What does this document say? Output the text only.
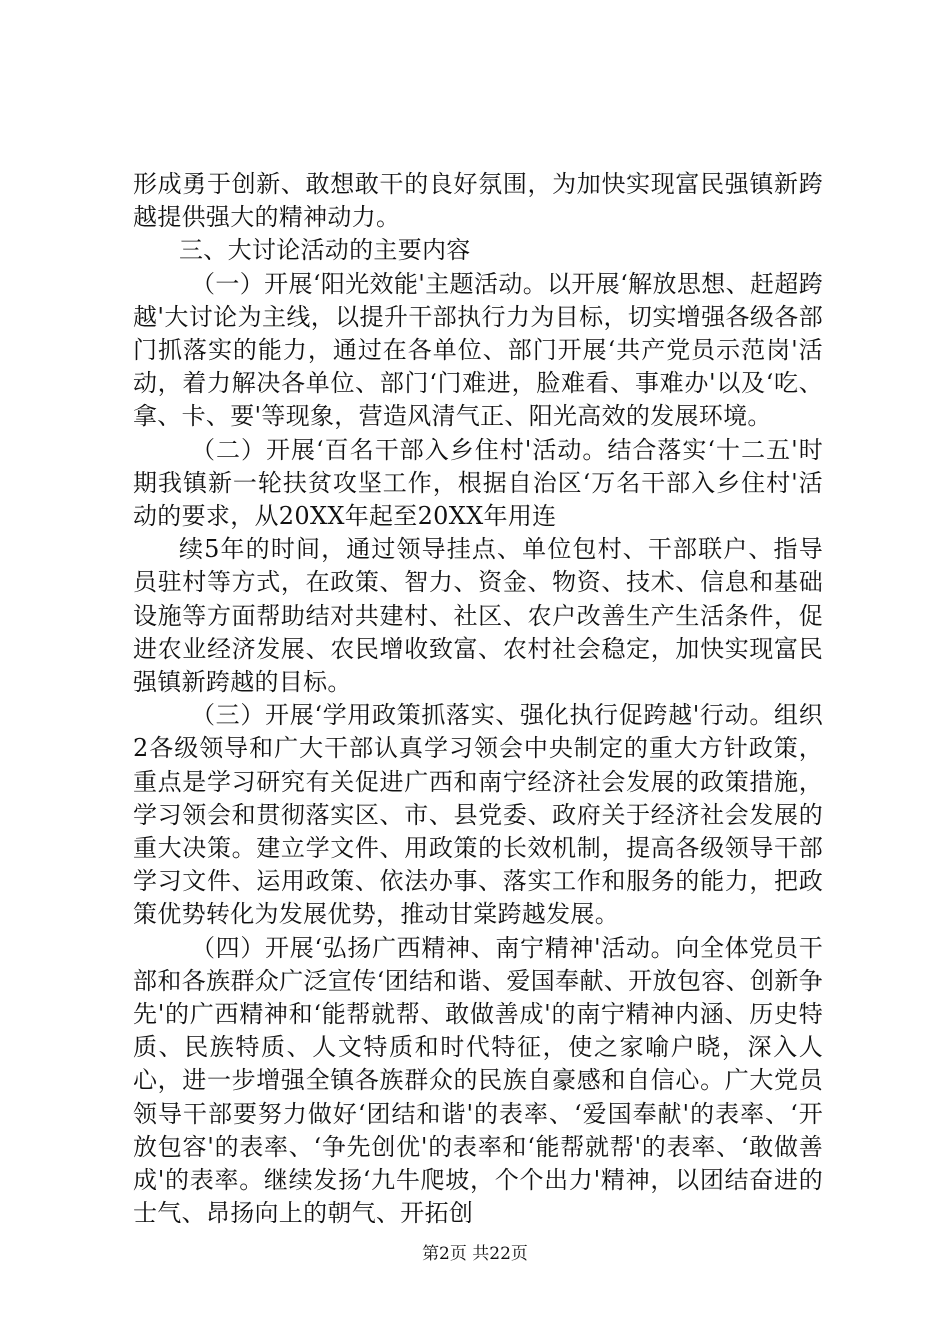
形成勇于创新、敢想敢干的良好氛围，为加快实现富民强镇新跨越提供强大的精神动力。

三、大讨论活动的主要内容

（一）开展‘阳光效能'主题活动。以开展‘解放思想、赶超跨越'大讨论为主线，以提升干部执行力为目标，切实增强各级各部门抓落实的能力，通过在各单位、部门开展‘共产党员示范岗'活动，着力解决各单位、部门‘门难进，脸难看、事难办'以及‘吃、拿、卡、要'等现象，营造风清气正、阳光高效的发展环境。

（二）开展‘百名干部入乡住村'活动。结合落实‘十二五'时期我镇新一轮扶贫攻坚工作，根据自治区‘万名干部入乡住村'活动的要求，从20XX年起至20XX年用连

续5年的时间，通过领导挂点、单位包村、干部联户、指导员驻村等方式，在政策、智力、资金、物资、技术、信息和基础设施等方面帮助结对共建村、社区、农户改善生产生活条件，促进农业经济发展、农民增收致富、农村社会稳定，加快实现富民强镇新跨越的目标。

（三）开展‘学用政策抓落实、强化执行促跨越'行动。组织2各级领导和广大干部认真学习领会中央制定的重大方针政策，重点是学习研究有关促进广西和南宁经济社会发展的政策措施，学习领会和贯彻落实区、市、县党委、政府关于经济社会发展的重大决策。建立学文件、用政策的长效机制，提高各级领导干部学习文件、运用政策、依法办事、落实工作和服务的能力，把政策优势转化为发展优势，推动甘棠跨越发展。

（四）开展‘弘扬广西精神、南宁精神'活动。向全体党员干部和各族群众广泛宣传‘团结和谐、爱国奉献、开放包容、创新争先'的广西精神和‘能帮就帮、敢做善成'的南宁精神内涵、历史特质、民族特质、人文特质和时代特征，使之家喻户晓，深入人心，进一步增强全镇各族群众的民族自豪感和自信心。广大党员领导干部要努力做好‘团结和谐'的表率、‘爱国奉献'的表率、‘开放包容'的表率、‘争先创优'的表率和‘能帮就帮'的表率、‘敢做善成'的表率。继续发扬‘九牛爬坡，个个出力'精神，以团结奋进的士气、昂扬向上的朝气、开拓创

第2页 共22页
